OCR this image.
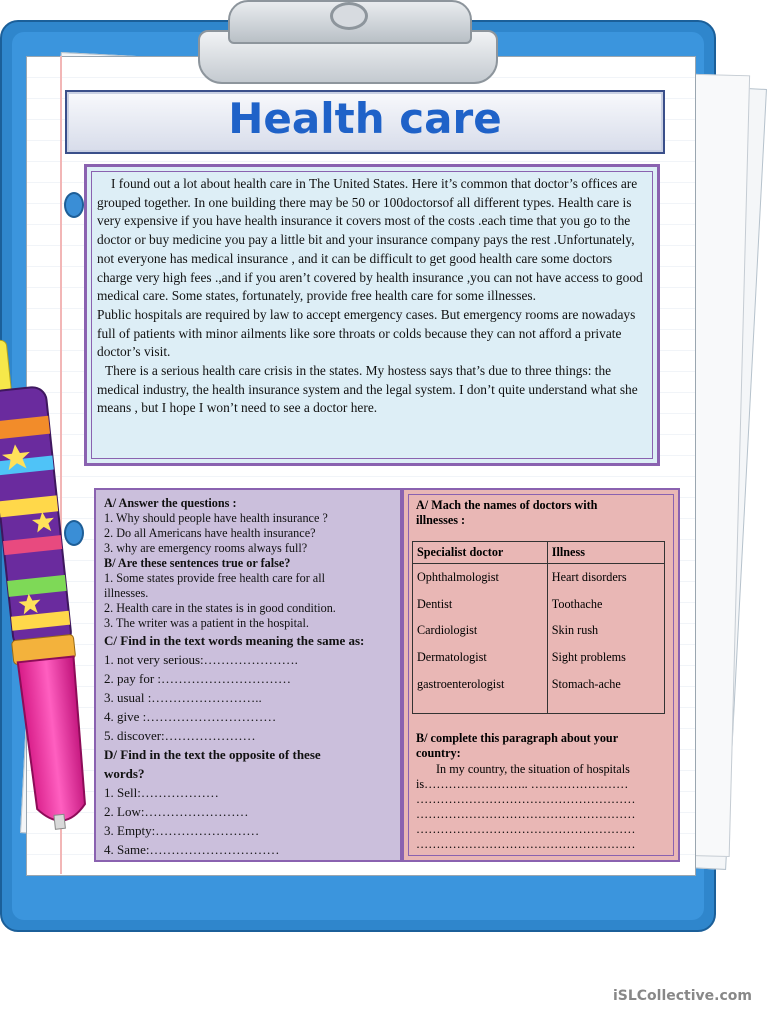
Health care

I found out a lot about health care in The United States. Here it’s common that doctor’s offices are grouped together. In one building there may be 50 or 100doctorsof all different types. Health care is very expensive if you have health insurance it covers most of the costs .each time that you go to the doctor or buy medicine you pay a little bit and your insurance company pays the rest .Unfortunately, not everyone has medical insurance , and it can be difficult to get good health care some doctors charge very high fees .,and if you aren’t covered by health insurance ,you can not have access to good medical care. Some states, fortunately, provide free health care for some illnesses.

Public hospitals are required by law to accept emergency cases. But emergency rooms are nowadays full of patients with minor ailments like sore throats or colds because they can not afford a private doctor’s visit.

There is a serious health care crisis in the states. My hostess says that’s due to three things: the medical industry, the health insurance system and the legal system. I don’t quite understand what she means , but I hope I won’t need to see a doctor here.

A/ Answer the questions :
1. Why should people have health insurance ?
2. Do all Americans have health insurance?
3. why are emergency rooms always full?
B/ Are these sentences true or false?
1. Some states provide free health care for all
illnesses.
2. Health care in the states is in good condition.
3. The writer was a patient in the hospital.
C/ Find in the text words meaning the same as:
1. not very serious:………………….
2. pay for :…………………………
3. usual :……………………..
4. give :…………………………
5. discover:…………………
D/ Find in the text the opposite of these
words?
1. Sell:………………
2. Low:……………………
3. Empty:……………………
4. Same:…………………………
A/ Mach the names of doctors with
illnesses :
Specialist doctor	Illness
Ophthalmologist	Heart disorders
Dentist	Toothache
Cardiologist	Skin rush
Dermatologist	Sight problems
gastroenterologist	Stomach-ache
B/ complete this paragraph about your
country:
In my country, the situation of hospitals
is…………………….. ……………………
………………………………………………
………………………………………………
………………………………………………
………………………………………………
iSLCollective.com
